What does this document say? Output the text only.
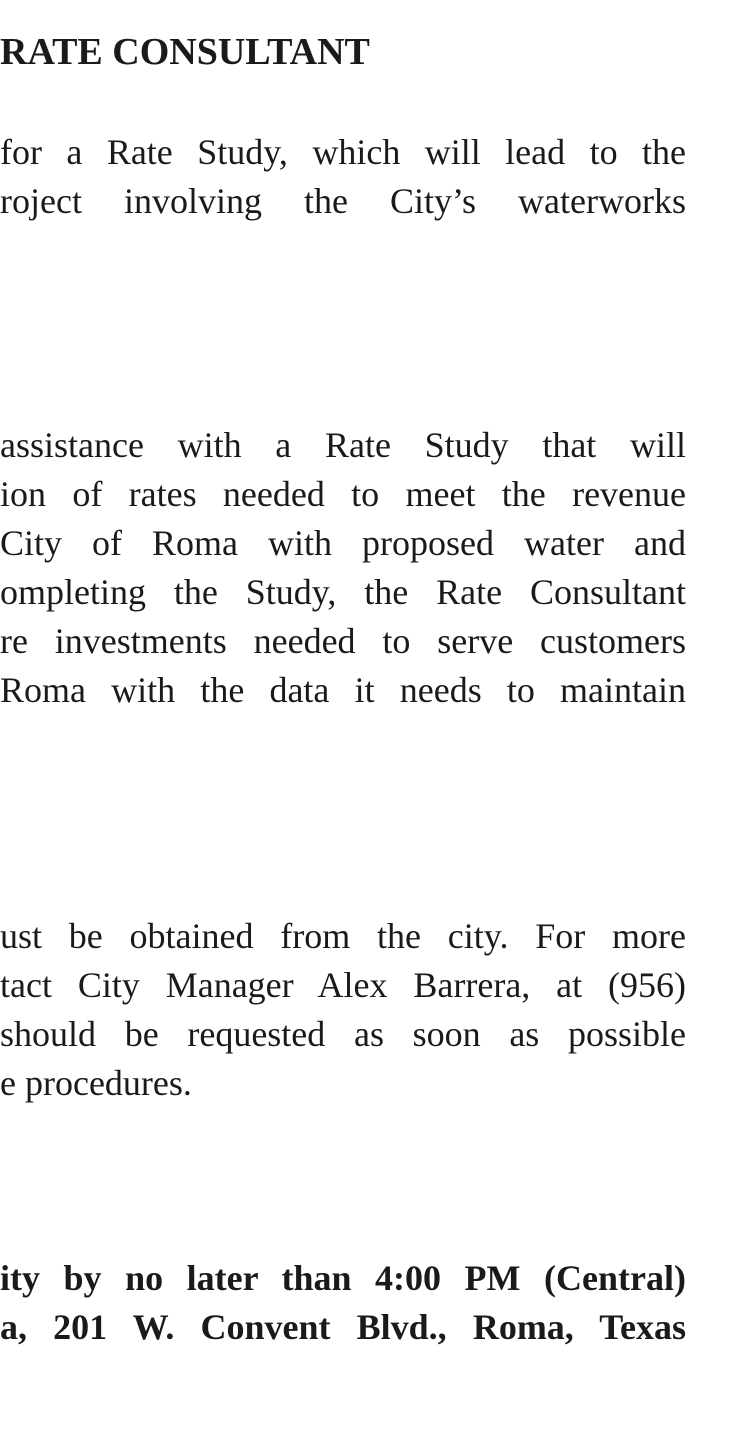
RATE CONSULTANT
for a Rate Study, which will lead to the
roject involving the City’s waterworks
assistance with a Rate Study that will
ion of rates needed to meet the revenue
City of Roma with proposed water and
ompleting the Study, the Rate Consultant
re investments needed to serve customers
Roma with the data it needs to maintain
ust be obtained from the city. For more
tact City Manager Alex Barrera, at (956)
should be requested as soon as possible
e procedures.
ity by no later than 4:00 PM (Central)
a, 201 W. Convent Blvd., Roma, Texas
